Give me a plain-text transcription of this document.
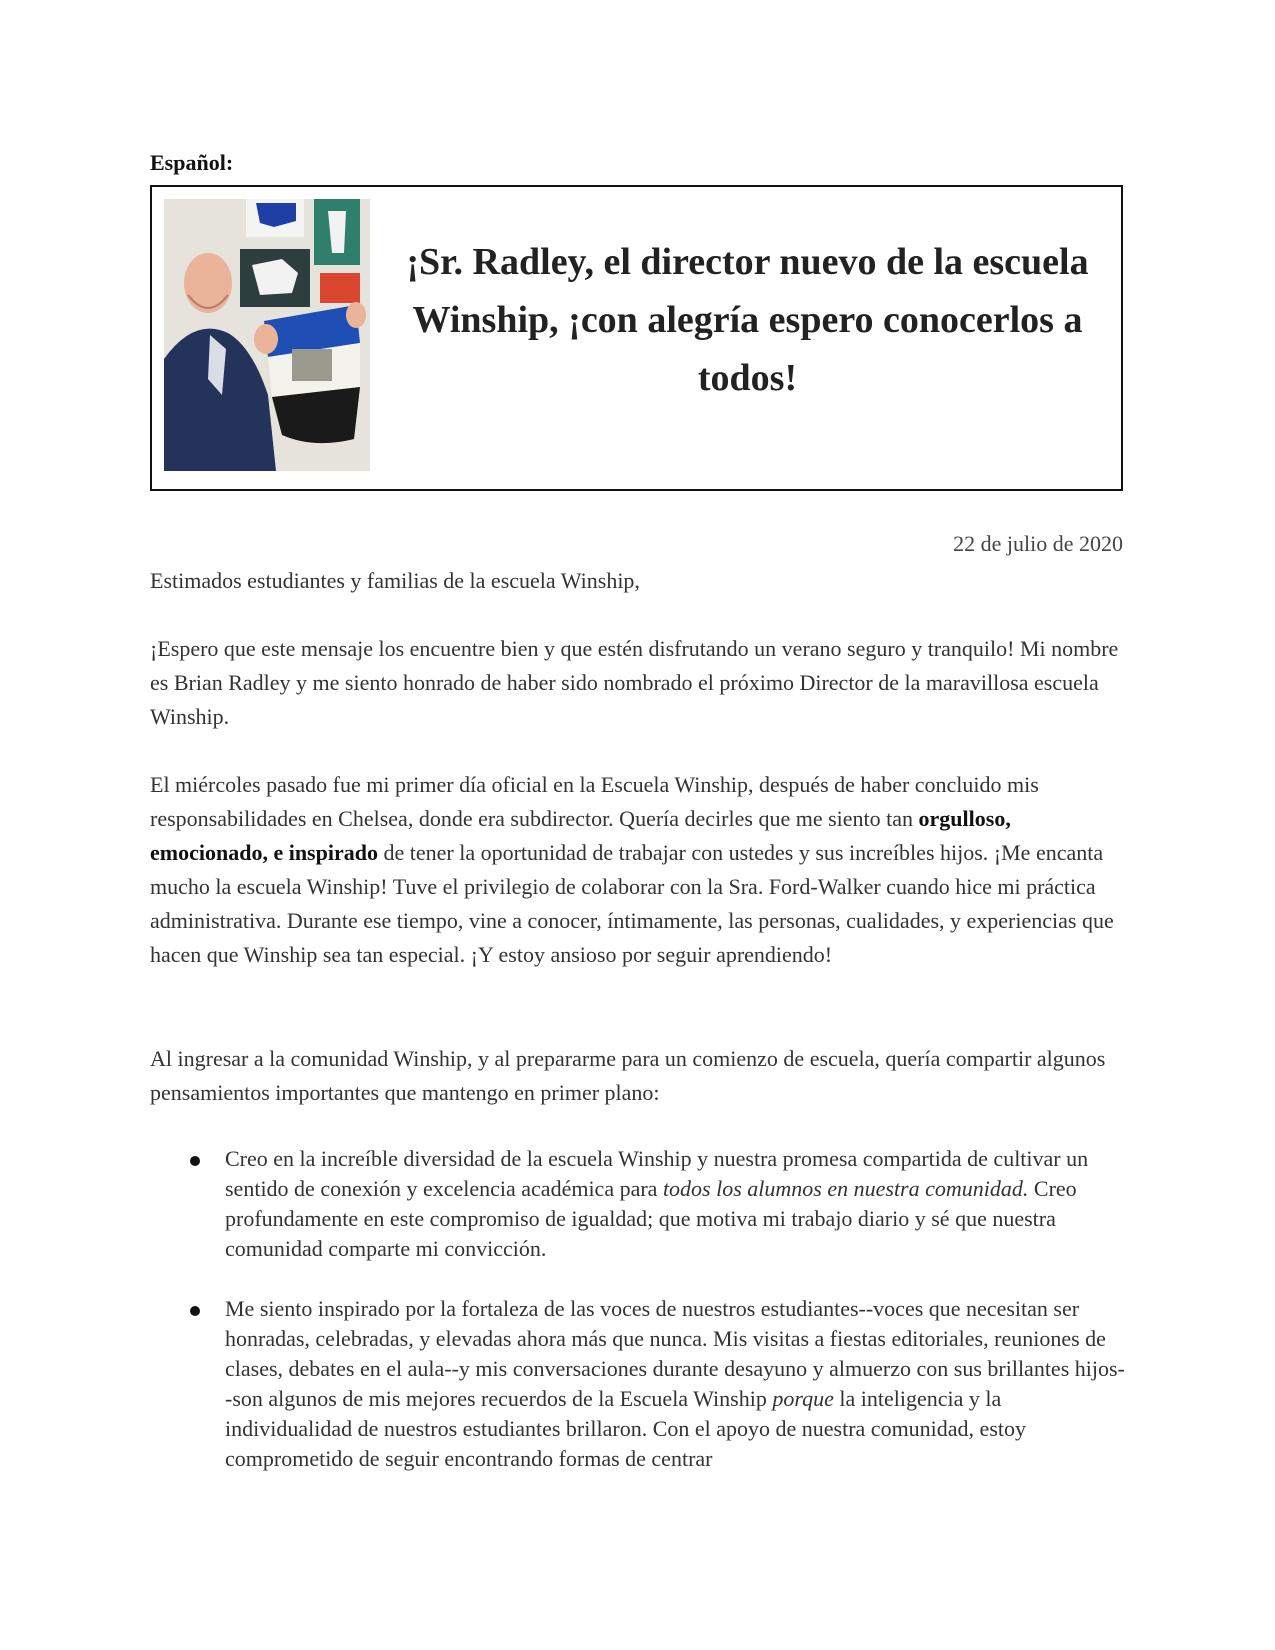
Español:
¡Sr. Radley, el director nuevo de la escuela
Winship, ¡con alegría espero conocerlos a
todos!
22 de julio de 2020

Estimados estudiantes y familias de la escuela Winship,

¡Espero que este mensaje los encuentre bien y que estén disfrutando un verano seguro y tranquilo! Mi nombre es Brian Radley y me siento honrado de haber sido nombrado el próximo Director de la maravillosa escuela Winship.

El miércoles pasado fue mi primer día oficial en la Escuela Winship, después de haber concluido mis responsabilidades en Chelsea, donde era subdirector. Quería decirles que me siento tan orgulloso, emocionado, e inspirado de tener la oportunidad de trabajar con ustedes y sus increíbles hijos. ¡Me encanta mucho la escuela Winship! Tuve el privilegio de colaborar con la Sra. Ford-Walker cuando hice mi práctica administrativa. Durante ese tiempo, vine a conocer, íntimamente, las personas, cualidades, y experiencias que hacen que Winship sea tan especial. ¡Y estoy ansioso por seguir aprendiendo!

Al ingresar a la comunidad Winship, y al prepararme para un comienzo de escuela, quería compartir algunos pensamientos importantes que mantengo en primer plano:

Creo en la increíble diversidad de la escuela Winship y nuestra promesa compartida de cultivar un sentido de conexión y excelencia académica para todos los alumnos en nuestra comunidad. Creo profundamente en este compromiso de igualdad; que motiva mi trabajo diario y sé que nuestra comunidad comparte mi convicción.
Me siento inspirado por la fortaleza de las voces de nuestros estudiantes--voces que necesitan ser honradas, celebradas, y elevadas ahora más que nunca. Mis visitas a fiestas editoriales, reuniones de clases, debates en el aula--y mis conversaciones durante desayuno y almuerzo con sus brillantes hijos--son algunos de mis mejores recuerdos de la Escuela Winship porque la inteligencia y la individualidad de nuestros estudiantes brillaron. Con el apoyo de nuestra comunidad, estoy comprometido de seguir encontrando formas de centrar
